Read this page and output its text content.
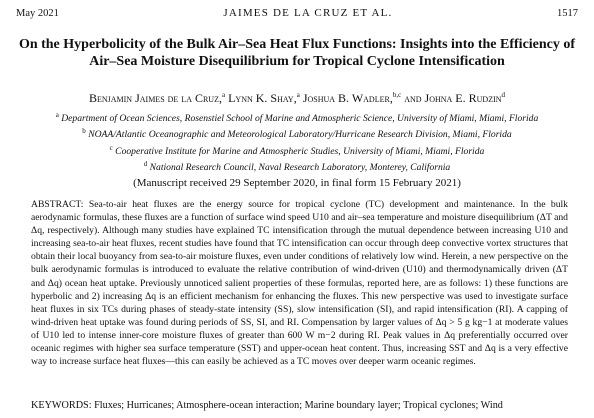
May 2021	JAIMES DE LA CRUZ ET AL.	1517
On the Hyperbolicity of the Bulk Air–Sea Heat Flux Functions: Insights into the Efficiency of Air–Sea Moisture Disequilibrium for Tropical Cyclone Intensification
Benjamin Jaimes de la Cruz,$^a$ Lynn K. Shay,$^a$ Joshua B. Wadler,$^{b,c}$ and Johna E. Rudzin$^d$
$^a$ Department of Ocean Sciences, Rosenstiel School of Marine and Atmospheric Science, University of Miami, Miami, Florida
$^b$ NOAA/Atlantic Oceanographic and Meteorological Laboratory/Hurricane Research Division, Miami, Florida
$^c$ Cooperative Institute for Marine and Atmospheric Studies, University of Miami, Miami, Florida
$^d$ National Research Council, Naval Research Laboratory, Monterey, California
(Manuscript received 29 September 2020, in final form 15 February 2021)
ABSTRACT: Sea-to-air heat fluxes are the energy source for tropical cyclone (TC) development and maintenance. In the bulk aerodynamic formulas, these fluxes are a function of surface wind speed U10 and air–sea temperature and moisture disequilibrium (ΔT and Δq, respectively). Although many studies have explained TC intensification through the mutual dependence between increasing U10 and increasing sea-to-air heat fluxes, recent studies have found that TC intensification can occur through deep convective vortex structures that obtain their local buoyancy from sea-to-air moisture fluxes, even under conditions of relatively low wind. Herein, a new perspective on the bulk aerodynamic formulas is introduced to evaluate the relative contribution of wind-driven (U10) and thermodynamically driven (ΔT and Δq) ocean heat uptake. Previously unnoticed salient properties of these formulas, reported here, are as follows: 1) these functions are hyperbolic and 2) increasing Δq is an efficient mechanism for enhancing the fluxes. This new perspective was used to investigate surface heat fluxes in six TCs during phases of steady-state intensity (SS), slow intensification (SI), and rapid intensification (RI). A capping of wind-driven heat uptake was found during periods of SS, SI, and RI. Compensation by larger values of Δq > 5 g kg−1 at moderate values of U10 led to intense inner-core moisture fluxes of greater than 600 W m−2 during RI. Peak values in Δq preferentially occurred over oceanic regimes with higher sea surface temperature (SST) and upper-ocean heat content. Thus, increasing SST and Δq is a very effective way to increase surface heat fluxes—this can easily be achieved as a TC moves over deeper warm oceanic regimes.
KEYWORDS: Fluxes; Hurricanes; Atmosphere-ocean interaction; Marine boundary layer; Tropical cyclones; Wind
